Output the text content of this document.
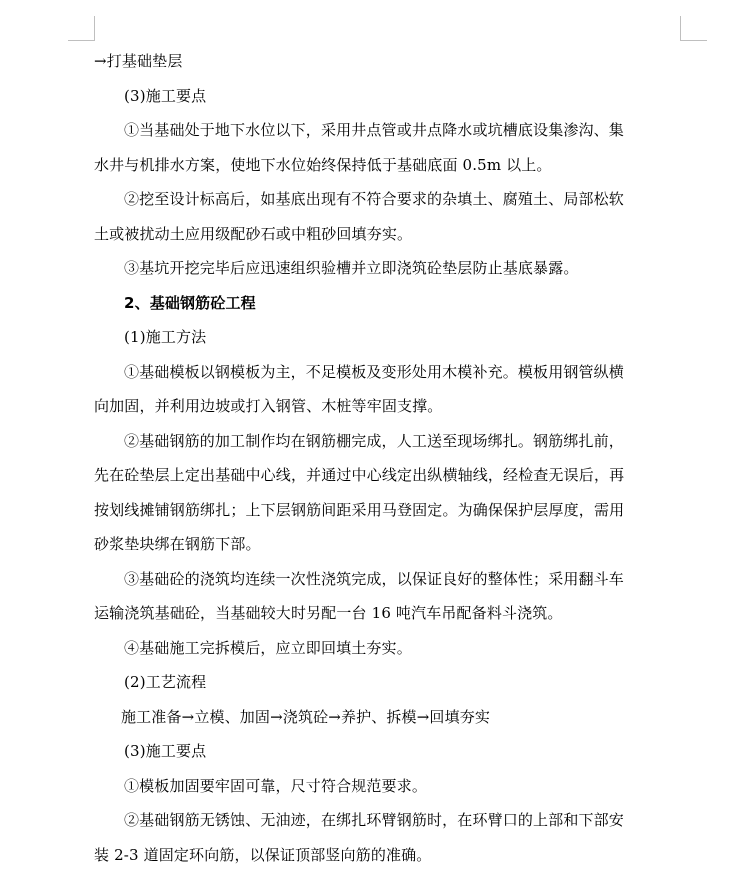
→打基础垫层
(3)施工要点
①当基础处于地下水位以下，采用井点管或井点降水或坑槽底设集渗沟、集
水井与机排水方案，使地下水位始终保持低于基础底面 0.5m 以上。
②挖至设计标高后，如基底出现有不符合要求的杂填土、腐殖土、局部松软
土或被扰动土应用级配砂石或中粗砂回填夯实。
③基坑开挖完毕后应迅速组织验槽并立即浇筑砼垫层防止基底暴露。
2、基础钢筋砼工程
(1)施工方法
①基础模板以钢模板为主，不足模板及变形处用木模补充。模板用钢管纵横
向加固，并利用边坡或打入钢管、木桩等牢固支撑。
②基础钢筋的加工制作均在钢筋棚完成，人工送至现场绑扎。钢筋绑扎前，
先在砼垫层上定出基础中心线，并通过中心线定出纵横轴线，经检查无误后，再
按划线摊铺钢筋绑扎；上下层钢筋间距采用马登固定。为确保保护层厚度，需用
砂浆垫块绑在钢筋下部。
③基础砼的浇筑均连续一次性浇筑完成，以保证良好的整体性；采用翻斗车
运输浇筑基础砼，当基础较大时另配一台 16 吨汽车吊配备料斗浇筑。
④基础施工完拆模后，应立即回填土夯实。
(2)工艺流程
施工准备→立模、加固→浇筑砼→养护、拆模→回填夯实
(3)施工要点
①模板加固要牢固可靠，尺寸符合规范要求。
②基础钢筋无锈蚀、无油迹，在绑扎环臂钢筋时，在环臂口的上部和下部安
装 2-3 道固定环向筋，以保证顶部竖向筋的准确。
